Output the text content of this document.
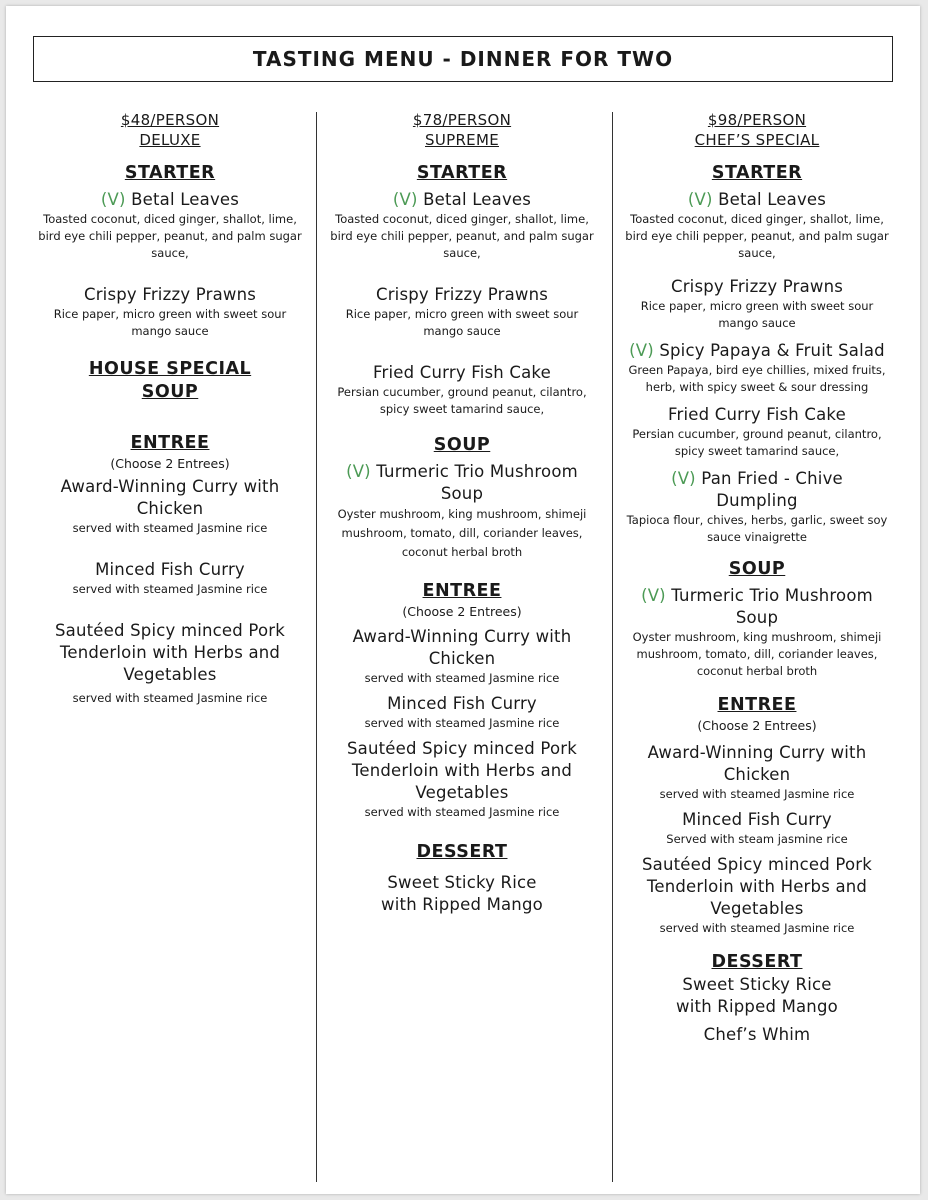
TASTING MENU - DINNER FOR TWO
$48/PERSON
DELUXE
STARTER
(V) Betal Leaves
Toasted coconut, diced ginger, shallot, lime, bird eye chili pepper, peanut, and palm sugar sauce,
Crispy Frizzy Prawns
Rice paper, micro green with sweet sour mango sauce
HOUSE SPECIAL SOUP
ENTREE
(Choose 2 Entrees)
Award-Winning Curry with Chicken
served with steamed Jasmine rice
Minced Fish Curry
served with steamed Jasmine rice
Sautéed Spicy minced Pork Tenderloin with Herbs and Vegetables
served with steamed Jasmine rice
$78/PERSON
SUPREME
STARTER
(V) Betal Leaves
Toasted coconut, diced ginger, shallot, lime, bird eye chili pepper, peanut, and palm sugar sauce,
Crispy Frizzy Prawns
Rice paper, micro green with sweet sour mango sauce
Fried Curry Fish Cake
Persian cucumber, ground peanut, cilantro, spicy sweet tamarind sauce,
SOUP
(V) Turmeric Trio Mushroom Soup
Oyster mushroom, king mushroom, shimeji mushroom, tomato, dill, coriander leaves, coconut herbal broth
ENTREE
(Choose 2 Entrees)
Award-Winning Curry with Chicken
served with steamed Jasmine rice
Minced Fish Curry
served with steamed Jasmine rice
Sautéed Spicy minced Pork Tenderloin with Herbs and Vegetables
served with steamed Jasmine rice
DESSERT
Sweet Sticky Rice with Ripped Mango
$98/PERSON
CHEF’S SPECIAL
STARTER
(V) Betal Leaves
Toasted coconut, diced ginger, shallot, lime, bird eye chili pepper, peanut, and palm sugar sauce,
Crispy Frizzy Prawns
Rice paper, micro green with sweet sour mango sauce
(V) Spicy Papaya & Fruit Salad
Green Papaya, bird eye chillies, mixed fruits, herb, with spicy sweet & sour dressing
Fried Curry Fish Cake
Persian cucumber, ground peanut, cilantro, spicy sweet tamarind sauce,
(V) Pan Fried - Chive Dumpling
Tapioca flour, chives, herbs, garlic, sweet soy sauce vinaigrette
SOUP
(V) Turmeric Trio Mushroom Soup
Oyster mushroom, king mushroom, shimeji mushroom, tomato, dill, coriander leaves, coconut herbal broth
ENTREE
(Choose 2 Entrees)
Award-Winning Curry with Chicken
served with steamed Jasmine rice
Minced Fish Curry
Served with steam jasmine rice
Sautéed Spicy minced Pork Tenderloin with Herbs and Vegetables
served with steamed Jasmine rice
DESSERT
Sweet Sticky Rice with Ripped Mango
Chef’s Whim
